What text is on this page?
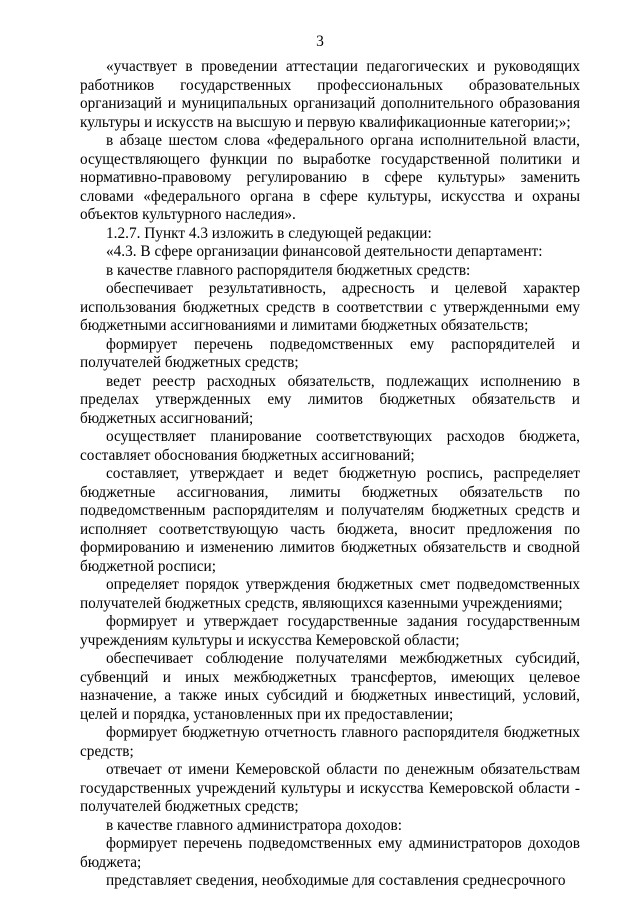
3

«участвует в проведении аттестации педагогических и руководящих работников государственных профессиональных образовательных организаций и муниципальных организаций дополнительного образования культуры и искусств на высшую и первую квалификационные категории;»;

в абзаце шестом слова «федерального органа исполнительной власти, осуществляющего функции по выработке государственной политики и нормативно-правовому регулированию в сфере культуры» заменить словами «федерального органа в сфере культуры, искусства и охраны объектов культурного наследия».

1.2.7. Пункт 4.3 изложить в следующей редакции:

«4.3. В сфере организации финансовой деятельности департамент:

в качестве главного распорядителя бюджетных средств:

обеспечивает результативность, адресность и целевой характер использования бюджетных средств в соответствии с утвержденными ему бюджетными ассигнованиями и лимитами бюджетных обязательств;

формирует перечень подведомственных ему распорядителей и получателей бюджетных средств;

ведет реестр расходных обязательств, подлежащих исполнению в пределах утвержденных ему лимитов бюджетных обязательств и бюджетных ассигнований;

осуществляет планирование соответствующих расходов бюджета, составляет обоснования бюджетных ассигнований;

составляет, утверждает и ведет бюджетную роспись, распределяет бюджетные ассигнования, лимиты бюджетных обязательств по подведомственным распорядителям и получателям бюджетных средств и исполняет соответствующую часть бюджета, вносит предложения по формированию и изменению лимитов бюджетных обязательств и сводной бюджетной росписи;

определяет порядок утверждения бюджетных смет подведомственных получателей бюджетных средств, являющихся казенными учреждениями;

формирует и утверждает государственные задания государственным учреждениям культуры и искусства Кемеровской области;

обеспечивает соблюдение получателями межбюджетных субсидий, субвенций и иных межбюджетных трансфертов, имеющих целевое назначение, а также иных субсидий и бюджетных инвестиций, условий, целей и порядка, установленных при их предоставлении;

формирует бюджетную отчетность главного распорядителя бюджетных средств;

отвечает от имени Кемеровской области по денежным обязательствам государственных учреждений культуры и искусства Кемеровской области - получателей бюджетных средств;

в качестве главного администратора доходов:

формирует перечень подведомственных ему администраторов доходов бюджета;

представляет сведения, необходимые для составления среднесрочного
